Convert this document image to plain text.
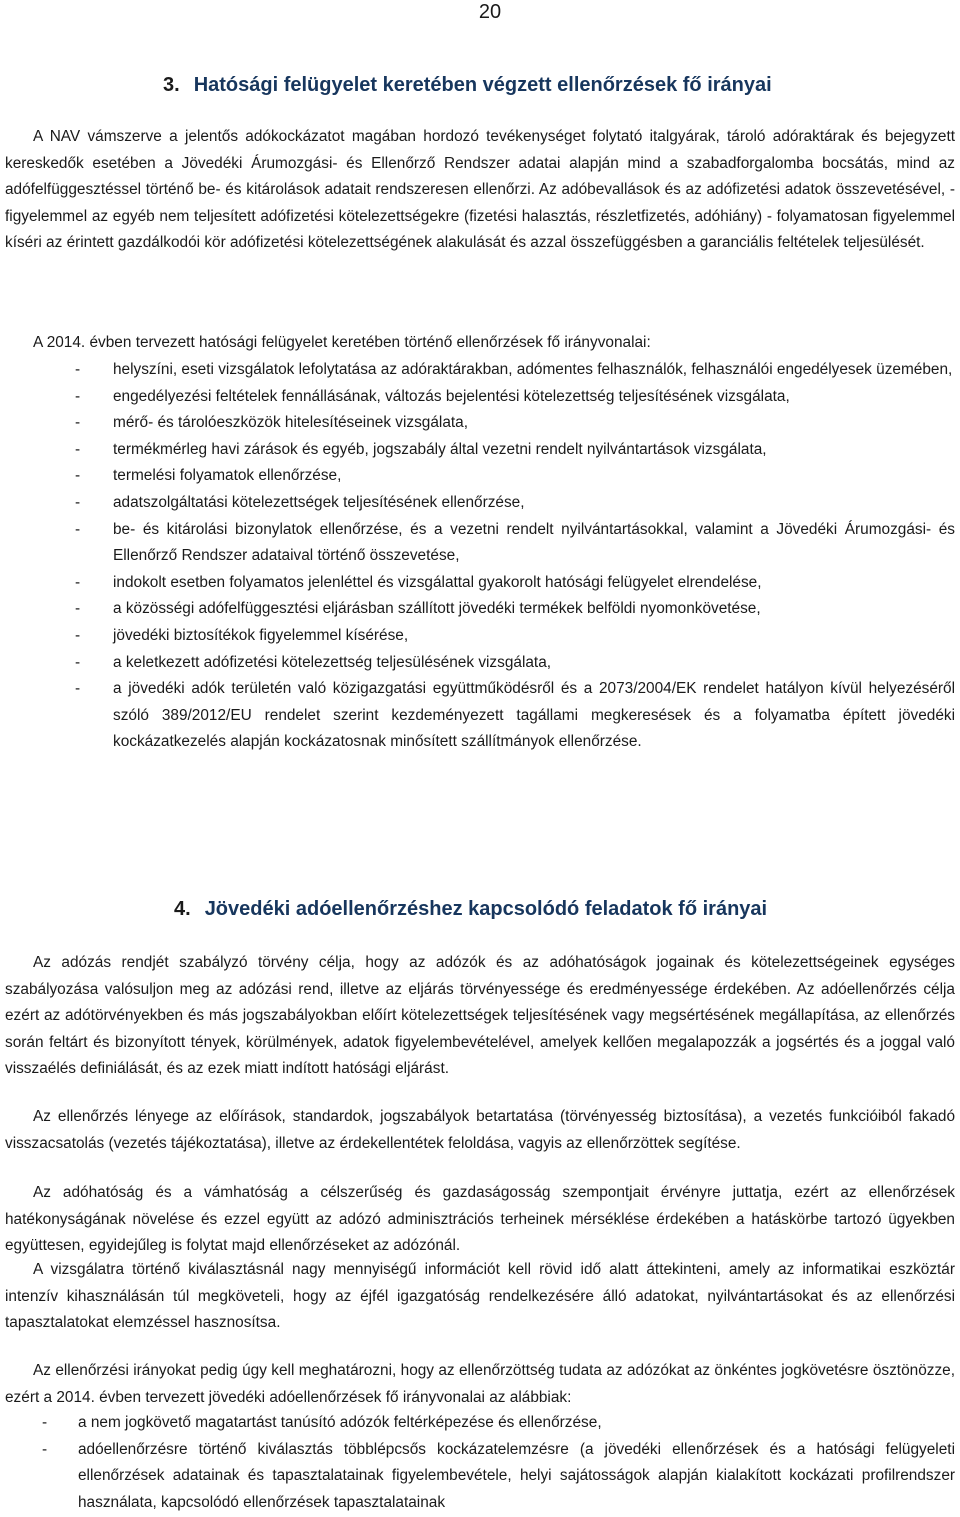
20
3. Hatósági felügyelet keretében végzett ellenőrzések fő irányai
A NAV vámszerve a jelentős adókockázatot magában hordozó tevékenységet folytató italgyárak, tároló adóraktárak és bejegyzett kereskedők esetében a Jövedéki Árumozgási- és Ellenőrző Rendszer adatai alapján mind a szabadforgalomba bocsátás, mind az adófelfüggesztéssel történő be- és kitárolások adatait rendszeresen ellenőrzi. Az adóbevallások és az adófizetési adatok összevetésével, - figyelemmel az egyéb nem teljesített adófizetési kötelezettségekre (fizetési halasztás, részletfizetés, adóhiány) - folyamatosan figyelemmel kíséri az érintett gazdálkodói kör adófizetési kötelezettségének alakulását és azzal összefüggésben a garanciális feltételek teljesülését.
A 2014. évben tervezett hatósági felügyelet keretében történő ellenőrzések fő irányvonalai:
- helyszíni, eseti vizsgálatok lefolytatása az adóraktárakban, adómentes felhasználók, felhasználói engedélyesek üzemében,
- engedélyezési feltételek fennállásának, változás bejelentési kötelezettség teljesítésének vizsgálata,
- mérő- és tárolóeszközök hitelesítéseinek vizsgálata,
- termékmérleg havi zárások és egyéb, jogszabály által vezetni rendelt nyilvántartások vizsgálata,
- termelési folyamatok ellenőrzése,
- adatszolgáltatási kötelezettségek teljesítésének ellenőrzése,
- be- és kitárolási bizonylatok ellenőrzése, és a vezetni rendelt nyilvántartásokkal, valamint a Jövedéki Árumozgási- és Ellenőrző Rendszer adataival történő összevetése,
- indokolt esetben folyamatos jelenléttel és vizsgálattal gyakorolt hatósági felügyelet elrendelése,
- a közösségi adófelfüggesztési eljárásban szállított jövedéki termékek belföldi nyomonkövetése,
- jövedéki biztosítékok figyelemmel kísérése,
- a keletkezett adófizetési kötelezettség teljesülésének vizsgálata,
- a jövedéki adók területén való közigazgatási együttműködésről és a 2073/2004/EK rendelet hatályon kívül helyezéséről szóló 389/2012/EU rendelet szerint kezdeményezett tagállami megkeresések és a folyamatba épített jövedéki kockázatkezelés alapján kockázatosnak minősített szállítmányok ellenőrzése.
4. Jövedéki adóellenőrzéshez kapcsolódó feladatok fő irányai
Az adózás rendjét szabályzó törvény célja, hogy az adózók és az adóhatóságok jogainak és kötelezettségeinek egységes szabályozása valósuljon meg az adózási rend, illetve az eljárás törvényessége és eredményessége érdekében. Az adóellenőrzés célja ezért az adótörvényekben és más jogszabályokban előírt kötelezettségek teljesítésének vagy megsértésének megállapítása, az ellenőrzés során feltárt és bizonyított tények, körülmények, adatok figyelembevételével, amelyek kellően megalapozzák a jogsértés és a joggal való visszaélés definiálását, és az ezek miatt indított hatósági eljárást.
Az ellenőrzés lényege az előírások, standardok, jogszabályok betartatása (törvényesség biztosítása), a vezetés funkcióiból fakadó visszacsatolás (vezetés tájékoztatása), illetve az érdekellentétek feloldása, vagyis az ellenőrzöttek segítése.
Az adóhatóság és a vámhatóság a célszerűség és gazdaságosság szempontjait érvényre juttatja, ezért az ellenőrzések hatékonyságának növelése és ezzel együtt az adózó adminisztrációs terheinek mérséklése érdekében a hatáskörbe tartozó ügyekben együttesen, egyidejűleg is folytat majd ellenőrzéseket az adózónál.
A vizsgálatra történő kiválasztásnál nagy mennyiségű információt kell rövid idő alatt áttekinteni, amely az informatikai eszköztár intenzív kihasználásán túl megköveteli, hogy az éjfél igazgatóság rendelkezésére álló adatokat, nyilvántartásokat és az ellenőrzési tapasztalatokat elemzéssel hasznosítsa.
Az ellenőrzési irányokat pedig úgy kell meghatározni, hogy az ellenőrzöttség tudata az adózókat az önkéntes jogkövetésre ösztönözze, ezért a 2014. évben tervezett jövedéki adóellenőrzések fő irányvonalai az alábbiak:
- a nem jogkövető magatartást tanúsító adózók feltérképezése és ellenőrzése,
- adóellenőrzésre történő kiválasztás többlépcsős kockázatelemzésre (a jövedéki ellenőrzések és a hatósági felügyeleti ellenőrzések adatainak és tapasztalatainak figyelembevétele, helyi sajátosságok alapján kialakított kockázati profilrendszer használata, kapcsolódó ellenőrzések tapasztalatainak
